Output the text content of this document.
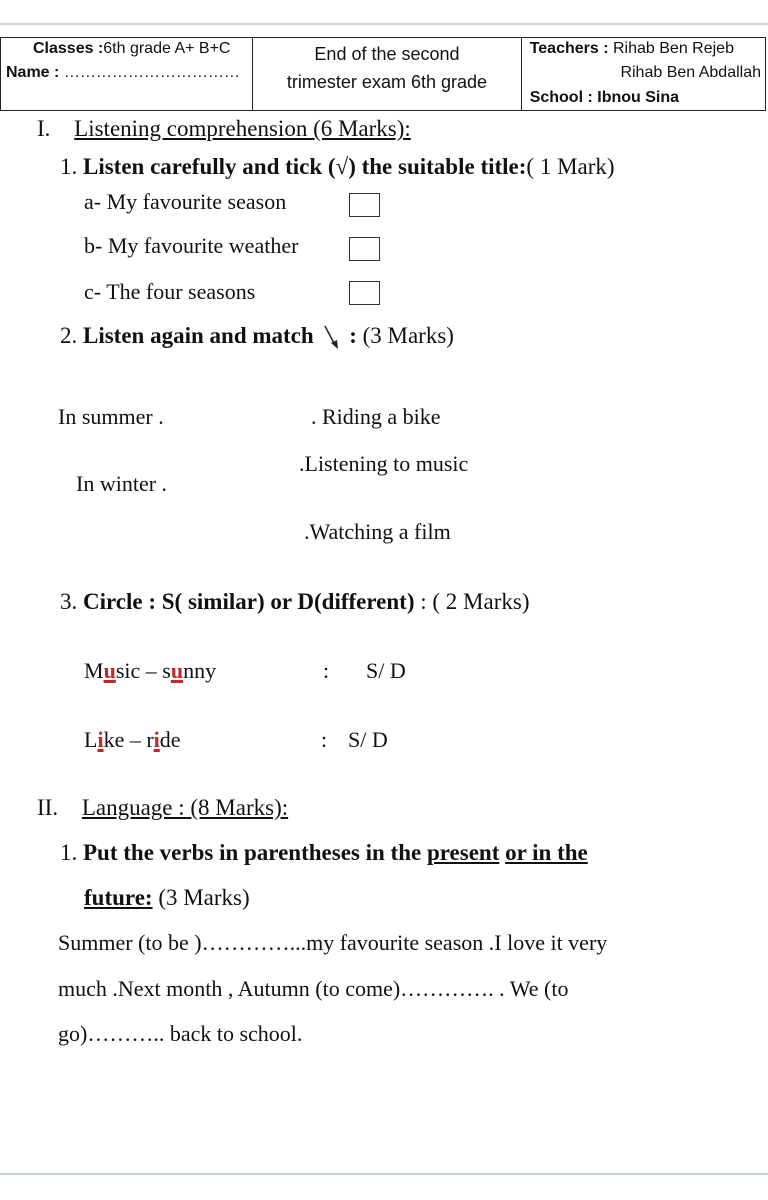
Classes :6th grade A+ B+C
Name : ……………………………

End of the second
trimester exam 6th grade

Teachers : Rihab Ben Rejeb
Rihab Ben Abdallah
School : Ibnou Sina
I. Listening comprehension (6 Marks):
1. Listen carefully and tick (√) the suitable title:( 1 Mark)
a- My favourite season
b- My favourite weather
c- The four seasons
2. Listen again and match : (3 Marks)
In summer .
In winter .
. Riding a bike
.Listening to music
.Watching a film
3. Circle : S( similar) or D(different) : ( 2 Marks)
Music – sunny	: S/ D
Like – ride	: S/ D
II. Language : (8 Marks):
1. Put the verbs in parentheses in the present or in the
future: (3 Marks)
Summer (to be )…………...my favourite season .I love it very
much .Next month , Autumn (to come)…………. . We (to
go)……….. back to school.
